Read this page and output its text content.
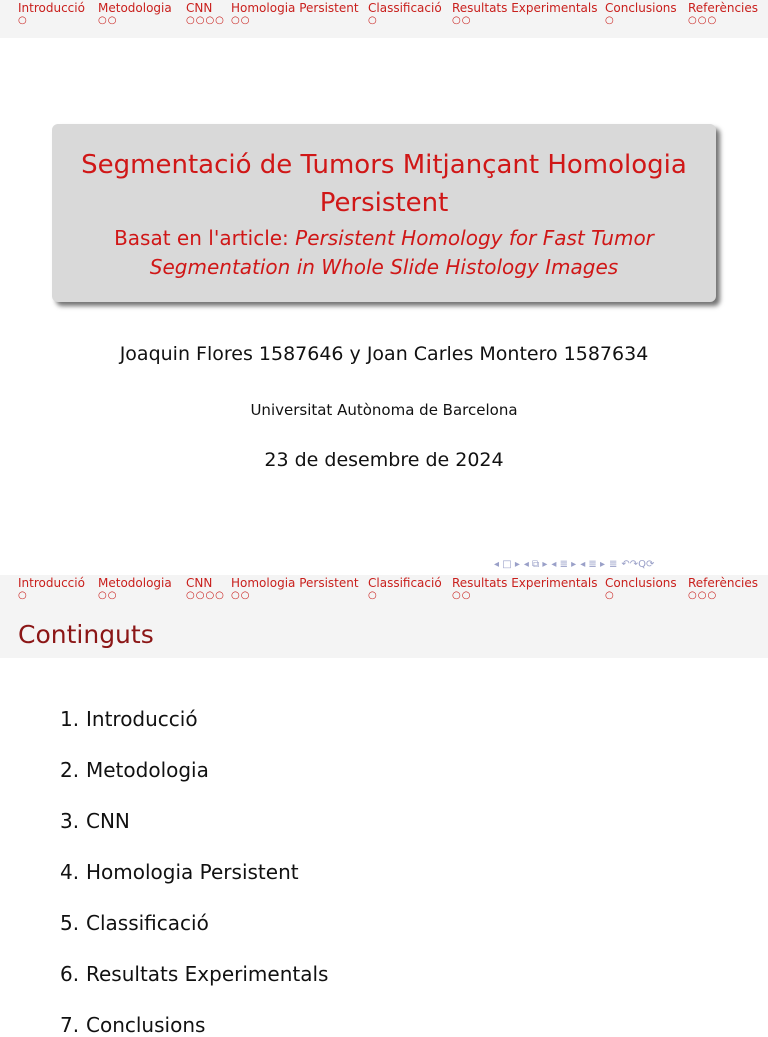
Introducció
○
Metodologia
○○
CNN
○○○○
Homologia Persistent
○○
Classificació
○
Resultats Experimentals
○○
Conclusions
○
Referències
○○○
Segmentació de Tumors Mitjançant Homologia Persistent
Basat en l'article: Persistent Homology for Fast Tumor Segmentation in Whole Slide Histology Images
Joaquin Flores 1587646 y Joan Carles Montero 1587634
Universitat Autònoma de Barcelona
23 de desembre de 2024
◂ □ ▸ ◂ ⧉ ▸ ◂ ≣ ▸ ◂ ≣ ▸ ≣ ↶↷Q⟳
Introducció
○
Metodologia
○○
CNN
○○○○
Homologia Persistent
○○
Classificació
○
Resultats Experimentals
○○
Conclusions
○
Referències
○○○
Continguts
1. Introducció
2. Metodologia
3. CNN
4. Homologia Persistent
5. Classificació
6. Resultats Experimentals
7. Conclusions
